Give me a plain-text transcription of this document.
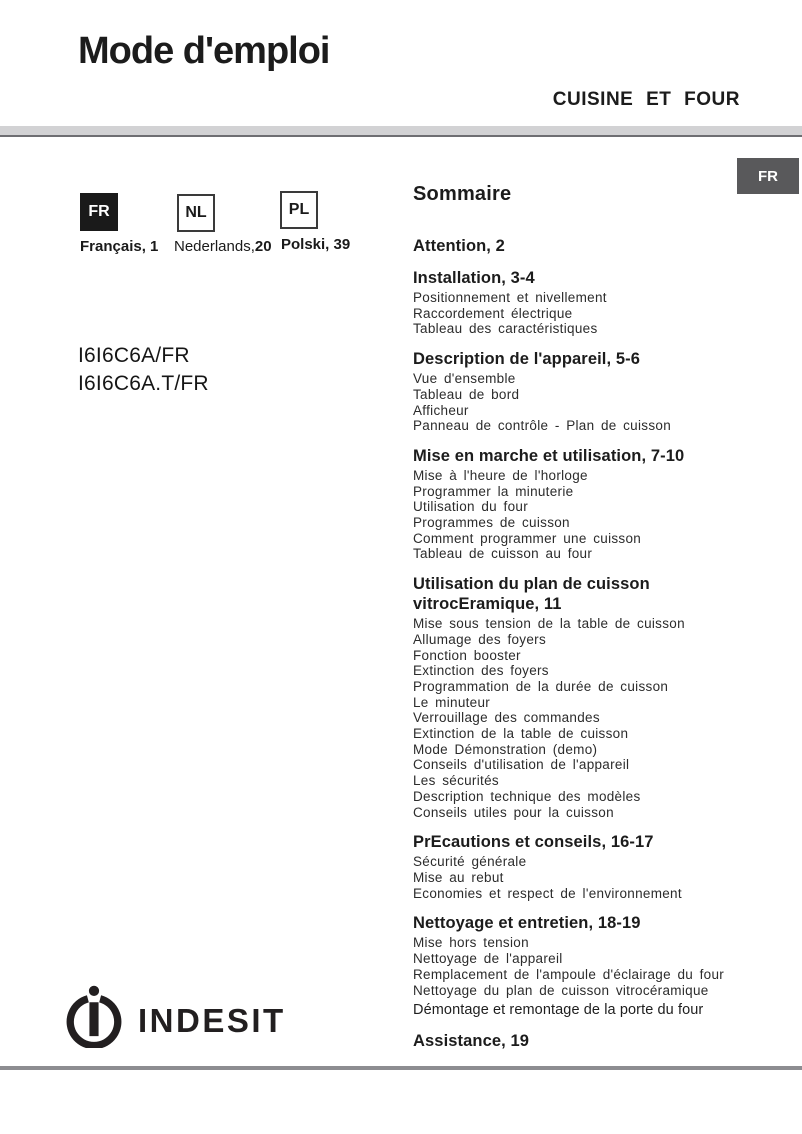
Mode d'emploi
CUISINE ET FOUR
FR
FR
Français, 1
NL
Nederlands,20
PL
Polski, 39
I6I6C6A/FR
I6I6C6A.T/FR
Sommaire
Attention, 2
Installation, 3-4
Positionnement et nivellement
Raccordement électrique
Tableau des caractéristiques
Description de l'appareil, 5-6
Vue d'ensemble
Tableau de bord
Afficheur
Panneau de contrôle - Plan de cuisson
Mise en marche et utilisation, 7-10
Mise à l'heure de l'horloge
Programmer la minuterie
Utilisation du four
Programmes de cuisson
Comment programmer une cuisson
Tableau de cuisson au four
Utilisation du plan de cuisson vitrocEramique, 11
Mise sous tension de la table de cuisson
Allumage des foyers
Fonction booster
Extinction des foyers
Programmation de la durée de cuisson
Le minuteur
Verrouillage des commandes
Extinction de la table de cuisson
Mode Démonstration (demo)
Conseils d'utilisation de l'appareil
Les sécurités
Description technique des modèles
Conseils utiles pour la cuisson
PrEcautions et conseils, 16-17
Sécurité générale
Mise au rebut
Economies et respect de l'environnement
Nettoyage et entretien, 18-19
Mise hors tension
Nettoyage de l'appareil
Remplacement de l'ampoule d'éclairage du four
Nettoyage du plan de cuisson vitrocéramique
Démontage et remontage de la porte du four
Assistance, 19
INDESIT
